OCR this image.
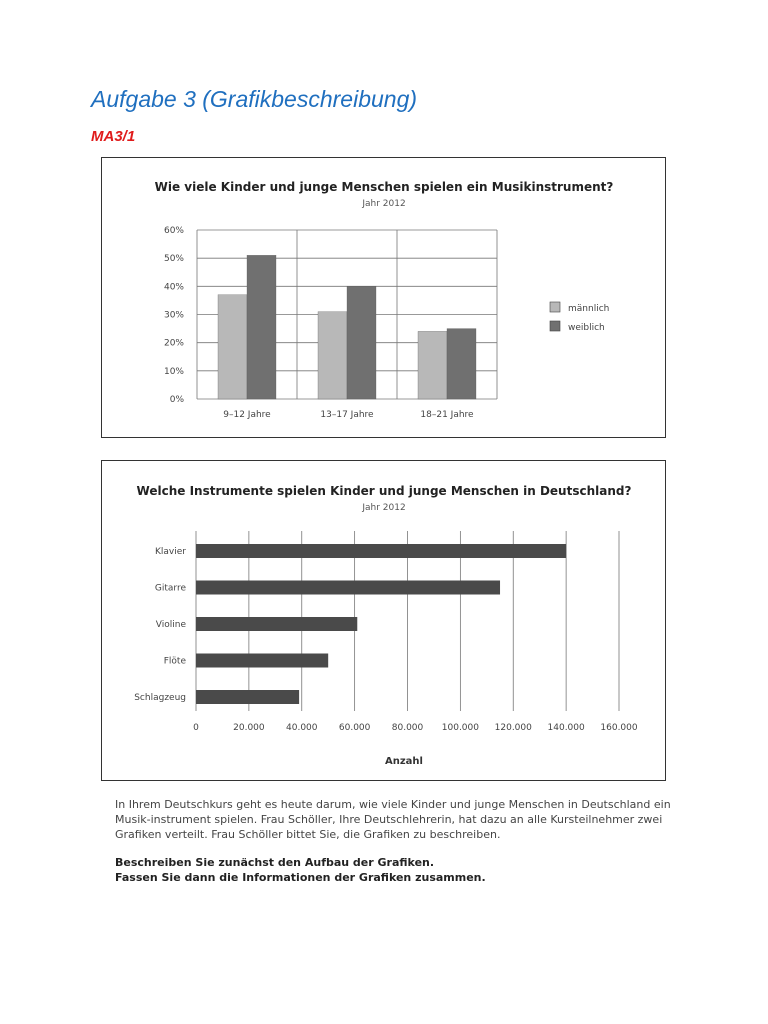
Aufgabe 3 (Grafikbeschreibung)
MA3/1
Wie viele Kinder und junge Menschen spielen ein Musikinstrument?
Jahr 2012
0%
10%
20%
30%
40%
50%
60%
9–12 Jahre	13–17 Jahre	18–21 Jahre
männlich
weiblich
Welche Instrumente spielen Kinder und junge Menschen in Deutschland?
Jahr 2012
0	20.000 40.000 60.000 80.000 100.000 120.000 140.000 160.000
Klavier
Gitarre
Violine
Flöte
Schlagzeug
Anzahl

In Ihrem Deutschkurs geht es heute darum, wie viele Kinder und junge Menschen in Deutschland ein Musik-instrument spielen. Frau Schöller, Ihre Deutschlehrerin, hat dazu an alle Kursteilnehmer zwei Grafiken verteilt. Frau Schöller bittet Sie, die Grafiken zu beschreiben.

Beschreiben Sie zunächst den Aufbau der Grafiken.
Fassen Sie dann die Informationen der Grafiken zusammen.
